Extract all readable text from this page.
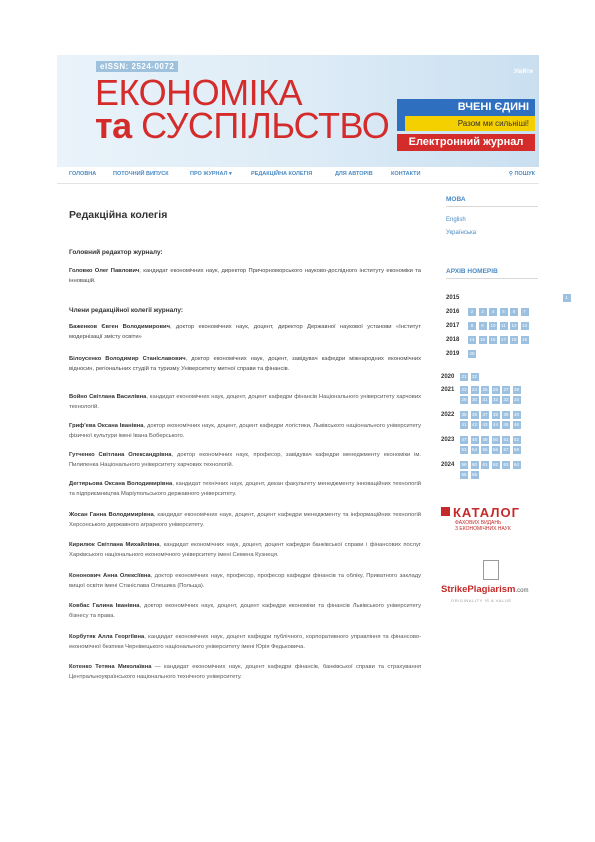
eISSN: 2524-0072
ЕКОНОМІКА
та СУСПІЛЬСТВО
Увійти
ВЧЕНІ ЄДИНІ
Разом ми сильніші!
Електронний журнал
ГОЛОВНА	ПОТОЧНИЙ ВИПУСК	ПРО ЖУРНАЛ ▾	РЕДАКЦІЙНА КОЛЕГІЯ	ДЛЯ АВТОРІВ	КОНТАКТИ	⚲ ПОШУК
Редакційна колегія
Головний редактор журналу:
Головко Олег Павлович, кандидат економічних наук, директор Причорноморського науково-дослідного інституту економіки та інновацій.
Члени редакційної колегії журналу:
Баженков Євген Володимирович, доктор економічних наук, доцент, директор Державної наукової установи «Інститут модернізації змісту освіти»
Білоусенко Володимир Станіславович, доктор економічних наук, доцент, завідувач кафедри міжнародних економічних відносин, регіональних студій та туризму Університету митної справи та фінансів.
Войно Світлана Василівна, кандидат економічних наук, доцент, доцент кафедри фінансів Національного університету харчових технологій.
Гриф'ева Оксана Іванівна, доктор економічних наук, доцент, доцент кафедри логістики, Львівського національного університету фізичної культури імені Івана Боберського.
Гутченко Світлана Олександрівна, доктор економічних наук, професор, завідувач кафедри менеджменту економіки ім. Пилипенка Національного університету харчових технологій.
Дегтярьова Оксана Володимирівна, кандидат технічних наук, доцент, декан факультету менеджменту інноваційних технологій та підприємництва Маріупольського державного університету.
Жосан Ганна Володимирівна, кандидат економічних наук, доцент, доцент кафедри менеджменту та інформаційних технологій Херсонського державного аграрного університету.
Кирилюк Світлана Михайлівна, кандидат економічних наук, доцент, доцент кафедри банківської справи і фінансових послуг Харківського національного економічного університету імені Семена Кузнеця.
Кононович Анна Олексіївна, доктор економічних наук, професор, професор кафедри фінансів та обліку, Приватного закладу вищої освіти імені Станіслава Олешика (Польща).
Ковбас Галина Іванівна, доктор економічних наук, доцент, доцент кафедри економіки та фінансів Львівського університету бізнесу та права.
Корбутяк Алла Георгіївна, кандидат економічних наук, доцент кафедри публічного, корпоративного управління та фінансово-економічної безпеки Чернівецького національного університету імені Юрія Федьковича.
Котенко Тетяна Миколаївна — кандидат економічних наук, доцент кафедри фінансів, банківської справи та страхування Центральноукраїнського національного технічного університету.
МОВА
English
Українська
АРХІВ НОМЕРІВ
2015	1
2016	2	3	4	5	6	7
2017	8	9	10	11	12	13
2018	14	15	16	17	18	19
2019	20
2020	21	22
2021	23	24	25	26	27	28
29	30	31	32	33	34
2022	35	36	37	38	39	40
41	42	43	44	45	46
2023	47	48	49	50	51	52
53	54	55	56	57	58
2024	59	60	61	62	63	64
65	66
КАТАЛОГ
ФАХОВИХ ВИДАНЬ
З ЕКОНОМІЧНИХ НАУК
StrikePlagiarism.com
ORIGINALITY IS A VALUE
